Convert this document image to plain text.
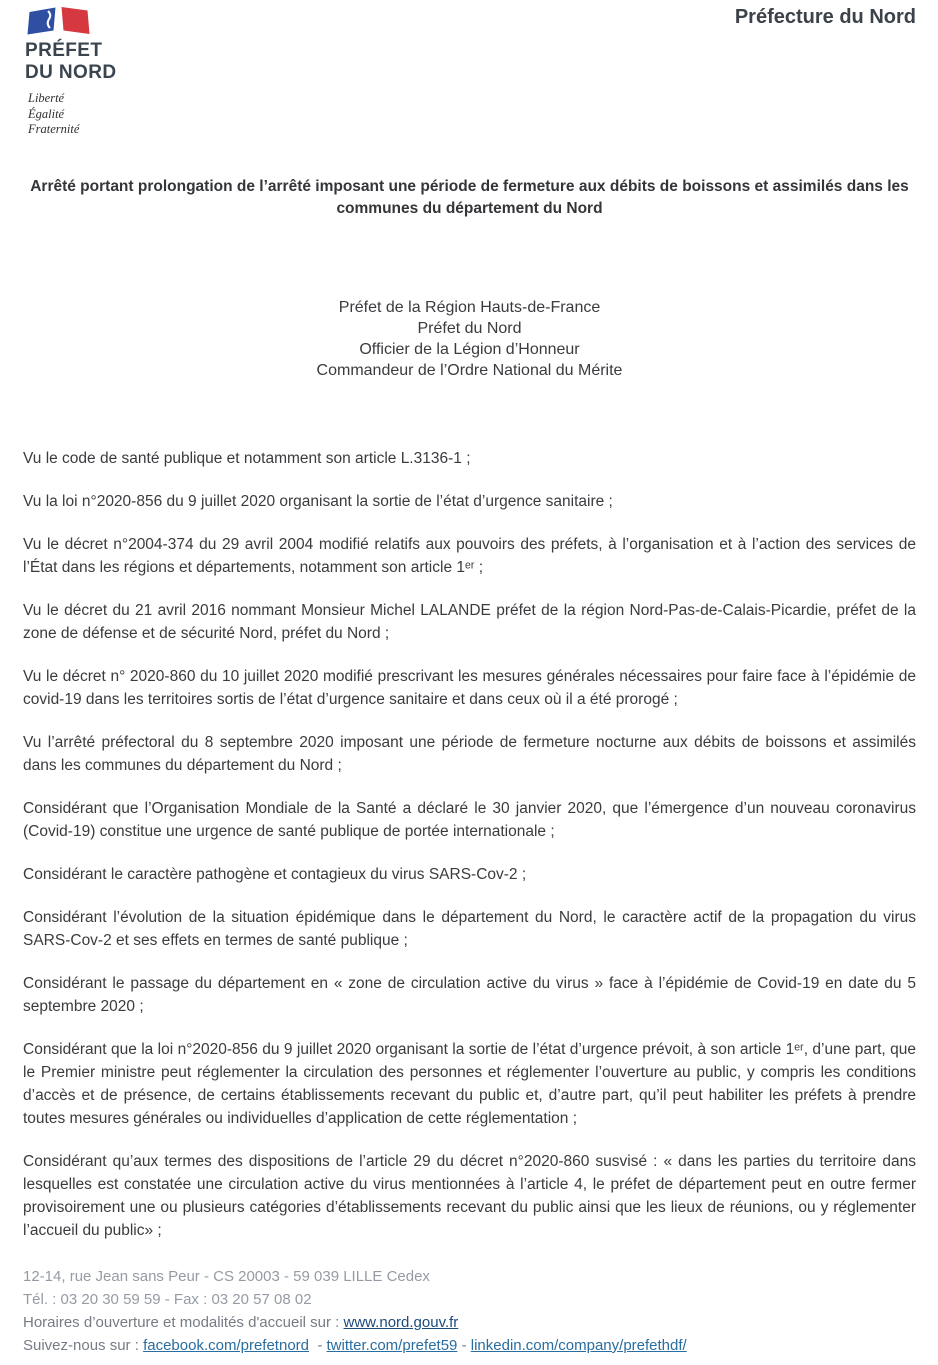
PRÉFET
DU NORD
Liberté
Égalité
Fraternité
Préfecture du Nord
Arrêté portant prolongation de l’arrêté imposant une période de fermeture aux débits de boissons et assimilés dans les communes du département du Nord
Préfet de la Région Hauts-de-France
Préfet du Nord
Officier de la Légion d’Honneur
Commandeur de l’Ordre National du Mérite

Vu le code de santé publique et notamment son article L.3136-1 ;

Vu la loi n°2020-856 du 9 juillet 2020 organisant la sortie de l’état d’urgence sanitaire ;

Vu le décret n°2004-374 du 29 avril 2004 modifié relatifs aux pouvoirs des préfets, à l’organisation et à l’action des services de l’État dans les régions et départements, notamment son article 1ᵉʳ ;

Vu le décret du 21 avril 2016 nommant Monsieur Michel LALANDE préfet de la région Nord-Pas-de-Calais-Picardie, préfet de la zone de défense et de sécurité Nord, préfet du Nord ;

Vu le décret n° 2020-860 du 10 juillet 2020 modifié prescrivant les mesures générales nécessaires pour faire face à l’épidémie de covid-19 dans les territoires sortis de l’état d’urgence sanitaire et dans ceux où il a été prorogé ;

Vu l’arrêté préfectoral du 8 septembre 2020 imposant une période de fermeture nocturne aux débits de boissons et assimilés dans les communes du département du Nord ;

Considérant que l’Organisation Mondiale de la Santé a déclaré le 30 janvier 2020, que l’émergence d’un nouveau coronavirus (Covid-19) constitue une urgence de santé publique de portée internationale ;

Considérant le caractère pathogène et contagieux du virus SARS-Cov-2 ;

Considérant l’évolution de la situation épidémique dans le département du Nord, le caractère actif de la propagation du virus SARS-Cov-2 et ses effets en termes de santé publique ;

Considérant le passage du département en « zone de circulation active du virus » face à l’épidémie de Covid-19 en date du 5 septembre 2020 ;

Considérant que la loi n°2020-856 du 9 juillet 2020 organisant la sortie de l’état d’urgence prévoit, à son article 1ᵉʳ, d’une part, que le Premier ministre peut réglementer la circulation des personnes et réglementer l’ouverture au public, y compris les conditions d’accès et de présence, de certains établissements recevant du public et, d’autre part, qu’il peut habiliter les préfets à prendre toutes mesures générales ou individuelles d’application de cette réglementation ;

Considérant qu’aux termes des dispositions de l’article 29 du décret n°2020-860 susvisé : « dans les parties du territoire dans lesquelles est constatée une circulation active du virus mentionnées à l’article 4, le préfet de département peut en outre fermer provisoirement une ou plusieurs catégories d’établissements recevant du public ainsi que les lieux de réunions, ou y réglementer l’accueil du public» ;

12-14, rue Jean sans Peur - CS 20003 - 59 039 LILLE Cedex
Tél. : 03 20 30 59 59 - Fax : 03 20 57 08 02
Horaires d’ouverture et modalités d'accueil sur : www.nord.gouv.fr
Suivez-nous sur : facebook.com/prefetnord  - twitter.com/prefet59 - linkedin.com/company/prefethdf/
